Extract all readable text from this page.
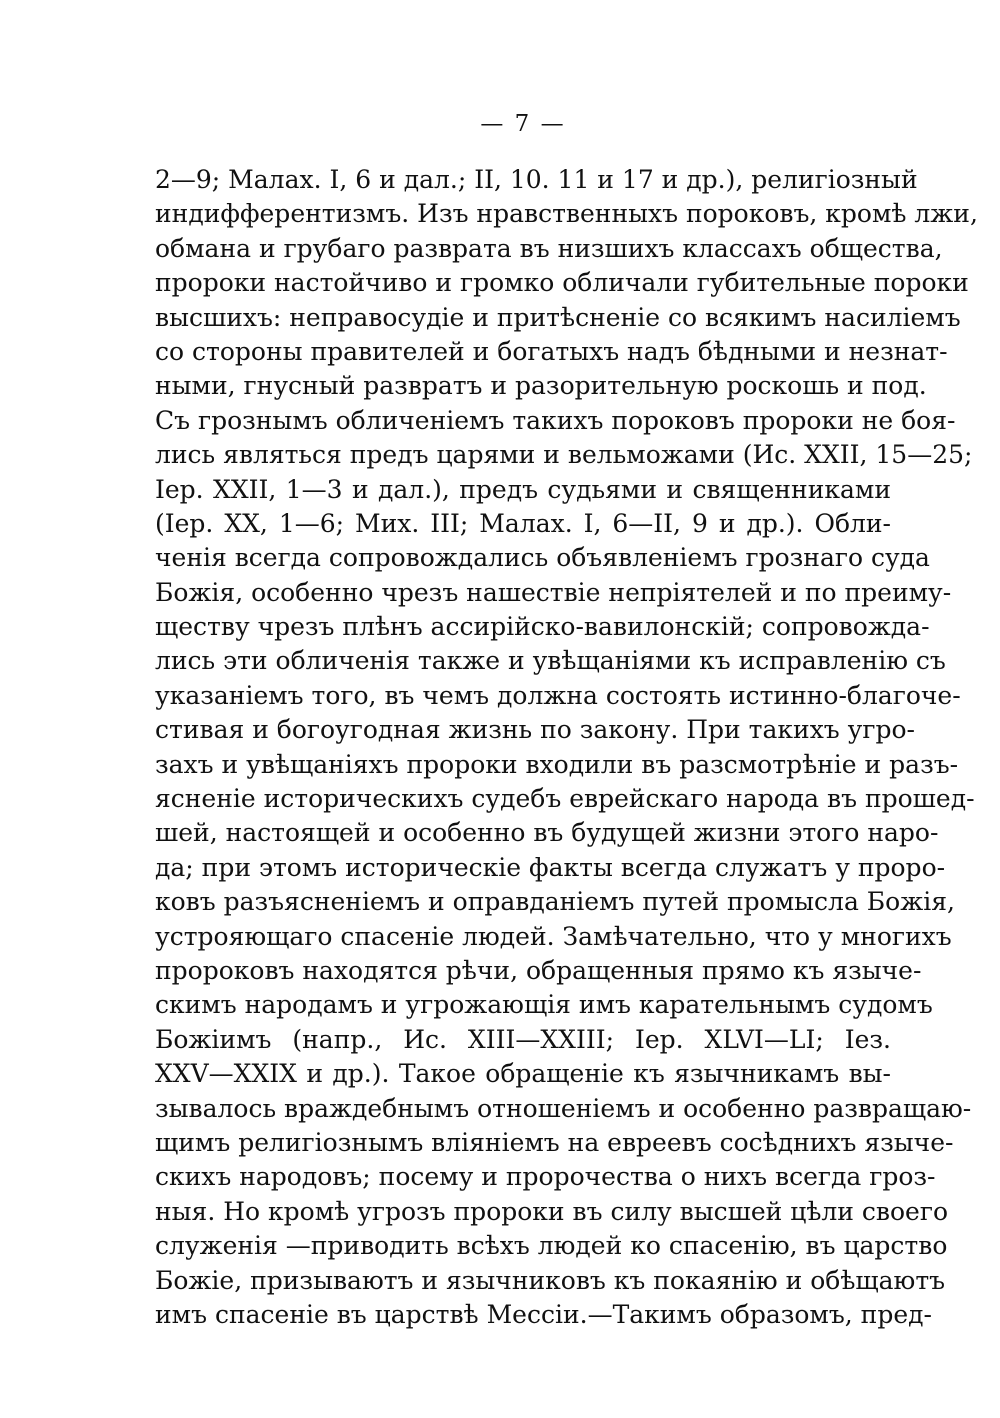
— 7 —
2—9; Малах. I, 6 и дал.; II, 10. 11 и 17 и др.), религіозный
индифферентизмъ. Изъ нравственныхъ пороковъ, кромѣ лжи,
обмана и грубаго разврата въ низшихъ классахъ общества,
пророки настойчиво и громко обличали губительные пороки
высшихъ: неправосудіе и притѣсненіе со всякимъ насиліемъ
со стороны правителей и богатыхъ надъ бѣдными и незнат-
ными, гнусный развратъ и разорительную роскошь и под.
Съ грознымъ обличеніемъ такихъ пороковъ пророки не боя-
лись являться предъ царями и вельможами (Ис. XXII, 15—25;
Іер. XXII, 1—3 и дал.), предъ судьями и священниками
(Іер. XX, 1—6; Мих. III; Малах. I, 6—II, 9 и др.). Обли-
ченія всегда сопровождались объявленіемъ грознаго суда
Божія, особенно чрезъ нашествіе непріятелей и по преиму-
ществу чрезъ плѣнъ ассирійско-вавилонскій; сопровожда-
лись эти обличенія также и увѣщаніями къ исправленію съ
указаніемъ того, въ чемъ должна состоять истинно-благоче-
стивая и богоугодная жизнь по закону. При такихъ угро-
захъ и увѣщаніяхъ пророки входили въ разсмотрѣніе и разъ-
ясненіе историческихъ судебъ еврейскаго народа въ прошед-
шей, настоящей и особенно въ будущей жизни этого наро-
да; при этомъ историческіе факты всегда служатъ у проро-
ковъ разъясненіемъ и оправданіемъ путей промысла Божія,
устрояющаго спасеніе людей. Замѣчательно, что у многихъ
пророковъ находятся рѣчи, обращенныя прямо къ языче-
скимъ народамъ и угрожающія имъ карательнымъ судомъ
Божіимъ (напр., Ис. XIII—XXIII; Іер. XLVI—LI; Іез.
XXV—XXIX и др.). Такое обращеніе къ язычникамъ вы-
зывалось враждебнымъ отношеніемъ и особенно развращаю-
щимъ религіознымъ вліяніемъ на евреевъ сосѣднихъ языче-
скихъ народовъ; посему и пророчества о нихъ всегда гроз-
ныя. Но кромѣ угрозъ пророки въ силу высшей цѣли своего
служенія —приводить всѣхъ людей ко спасенію, въ царство
Божіе, призываютъ и язычниковъ къ покаянію и обѣщаютъ
имъ спасеніе въ царствѣ Мессіи.—Такимъ образомъ, пред-
